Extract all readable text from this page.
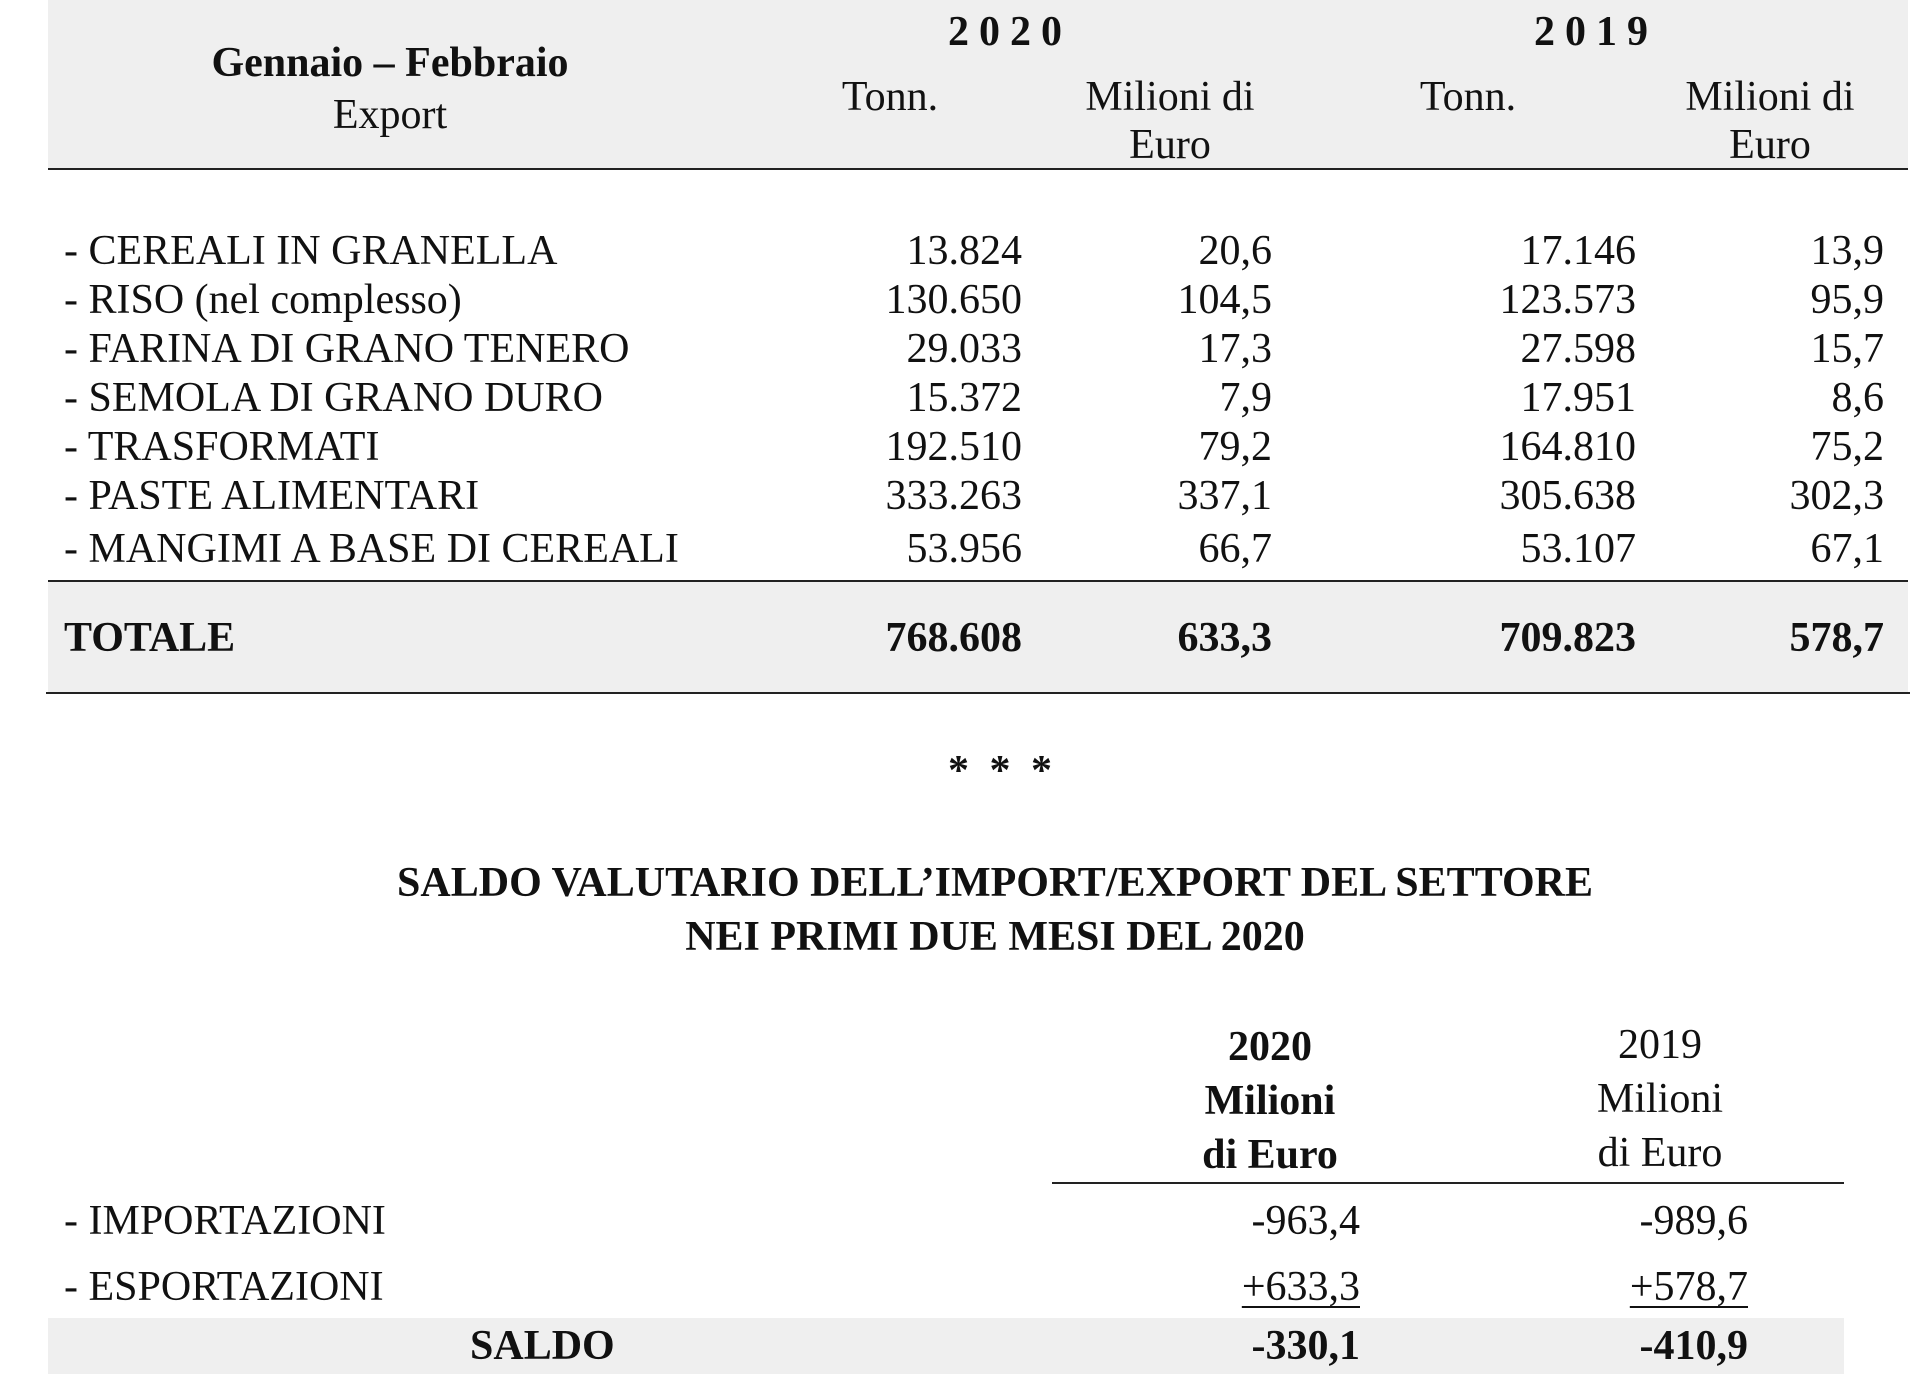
Gennaio – Febbraio
Export
2020	2019
Tonn.	Milioni di
Euro
Tonn.	Milioni di
Euro
- CEREALI IN GRANELLA	13.824	20,6	17.146	13,9
- RISO (nel complesso)	130.650	104,5	123.573	95,9
- FARINA DI GRANO TENERO	29.033	17,3	27.598	15,7
- SEMOLA DI GRANO DURO	15.372	7,9	17.951	8,6
- TRASFORMATI	192.510	79,2	164.810	75,2
- PASTE ALIMENTARI	333.263	337,1	305.638	302,3
- MANGIMI A BASE DI CEREALI	53.956	66,7	53.107	67,1
TOTALE	768.608	633,3	709.823	578,7
* * *
SALDO VALUTARIO DELL’IMPORT/EXPORT DEL SETTORE
NEI PRIMI DUE MESI DEL 2020
2020
Milioni
di Euro
2019
Milioni
di Euro
- IMPORTAZIONI	-963,4	-989,6
- ESPORTAZIONI	+633,3	+578,7
SALDO	-330,1	-410,9
